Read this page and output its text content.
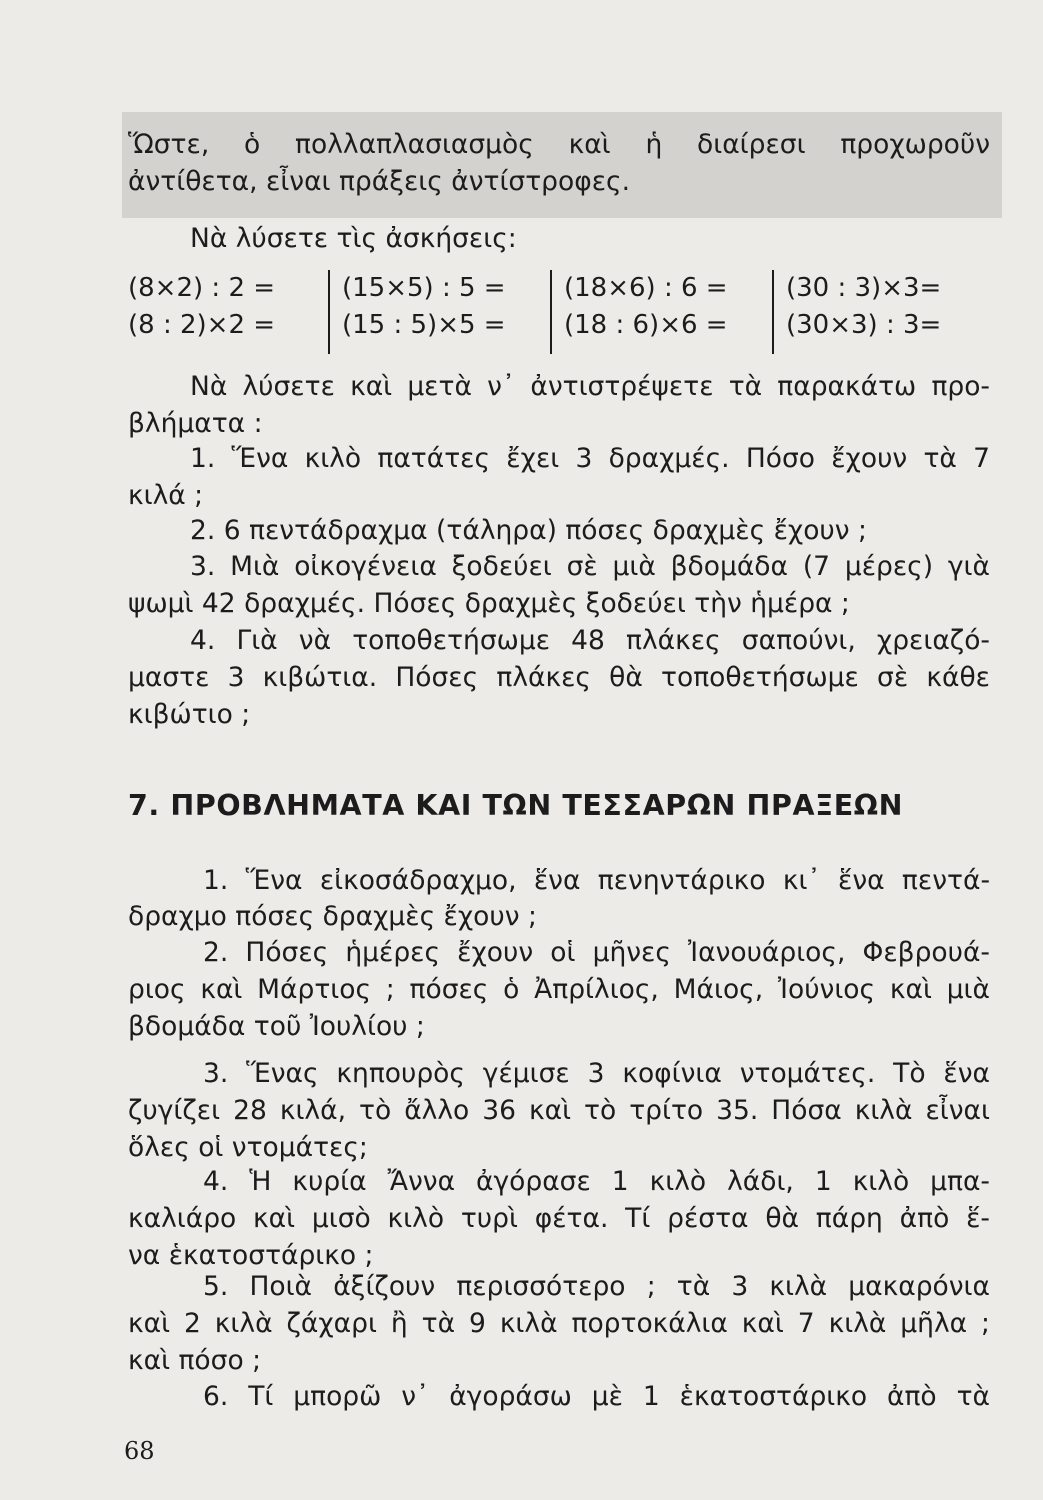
Ὥστε, ὁ πολλαπλασιασμὸς καὶ ἡ διαίρεσι προχωροῦν

ἀντίθετα, εἶναι πράξεις ἀντίστροφες.

Νὰ λύσετε τὶς ἀσκήσεις:

(8×2) : 2 =
(8 : 2)×2 =
(15×5) : 5 =
(15 : 5)×5 =
(18×6) : 6 =
(18 : 6)×6 =
(30 : 3)×3=
(30×3) : 3=

Νὰ λύσετε καὶ μετὰ ν᾿ ἀντιστρέψετε τὰ παρακάτω προ-

βλήματα :

1. Ἕνα κιλὸ πατάτες ἔχει 3 δραχμές. Πόσο ἔχουν τὰ 7

κιλά ;

2. 6 πεντάδραχμα (τάληρα) πόσες δραχμὲς ἔχουν ;

3. Μιὰ οἰκογένεια ξοδεύει σὲ μιὰ βδομάδα (7 μέρες) γιὰ

ψωμὶ 42 δραχμές. Πόσες δραχμὲς ξοδεύει τὴν ἡμέρα ;

4. Γιὰ νὰ τοποθετήσωμε 48 πλάκες σαπούνι, χρειαζό-

μαστε 3 κιβώτια. Πόσες πλάκες θὰ τοποθετήσωμε σὲ κάθε

κιβώτιο ;

7. ΠΡΟΒΛΗΜΑΤΑ ΚΑΙ ΤΩΝ ΤΕΣΣΑΡΩΝ ΠΡΑΞΕΩΝ

1. Ἕνα εἰκοσάδραχμο, ἕνα πενηντάρικο κι᾿ ἕνα πεντά-

δραχμο πόσες δραχμὲς ἔχουν ;

2. Πόσες ἡμέρες ἔχουν οἱ μῆνες Ἰανουάριος, Φεβρουά-

ριος καὶ Μάρτιος ; πόσες ὁ Ἀπρίλιος, Μάιος, Ἰούνιος καὶ μιὰ

βδομάδα τοῦ Ἰουλίου ;

3. Ἕνας κηπουρὸς γέμισε 3 κοφίνια ντομάτες. Τὸ ἕνα

ζυγίζει 28 κιλά, τὸ ἄλλο 36 καὶ τὸ τρίτο 35. Πόσα κιλὰ εἶναι

ὅλες οἱ ντομάτες;

4. Ἡ κυρία Ἄννα ἀγόρασε 1 κιλὸ λάδι, 1 κιλὸ μπα-

καλιάρο καὶ μισὸ κιλὸ τυρὶ φέτα. Τί ρέστα θὰ πάρη ἀπὸ ἕ-

να ἑκατοστάρικο ;

5. Ποιὰ ἀξίζουν περισσότερο ; τὰ 3 κιλὰ μακαρόνια

καὶ 2 κιλὰ ζάχαρι ἢ τὰ 9 κιλὰ πορτοκάλια καὶ 7 κιλὰ μῆλα ;

καὶ πόσο ;

6. Τί μπορῶ ν᾿ ἀγοράσω μὲ 1 ἑκατοστάρικο ἀπὸ τὰ

68
